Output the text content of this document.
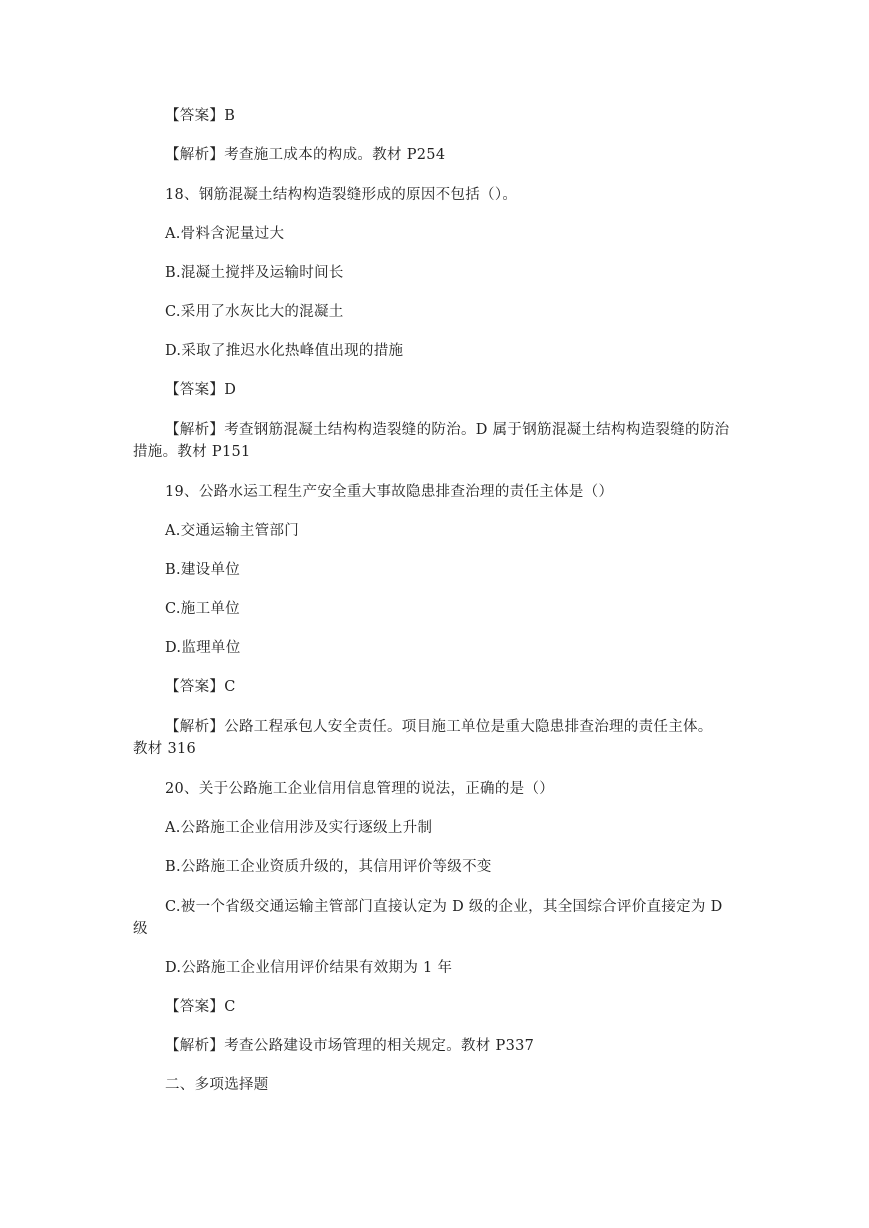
【答案】B
【解析】考查施工成本的构成。教材 P254
18、钢筋混凝土结构构造裂缝形成的原因不包括（）。
A.骨料含泥量过大
B.混凝土搅拌及运输时间长
C.采用了水灰比大的混凝土
D.采取了推迟水化热峰值出现的措施
【答案】D
【解析】考查钢筋混凝土结构构造裂缝的防治。D 属于钢筋混凝土结构构造裂缝的防治
措施。教材 P151
19、公路水运工程生产安全重大事故隐患排查治理的责任主体是（）
A.交通运输主管部门
B.建设单位
C.施工单位
D.监理单位
【答案】C
【解析】公路工程承包人安全责任。项目施工单位是重大隐患排查治理的责任主体。
教材 316
20、关于公路施工企业信用信息管理的说法，正确的是（）
A.公路施工企业信用涉及实行逐级上升制
B.公路施工企业资质升级的，其信用评价等级不变
C.被一个省级交通运输主管部门直接认定为 D 级的企业，其全国综合评价直接定为 D
级
D.公路施工企业信用评价结果有效期为 1 年
【答案】C
【解析】考查公路建设市场管理的相关规定。教材 P337
二、多项选择题
